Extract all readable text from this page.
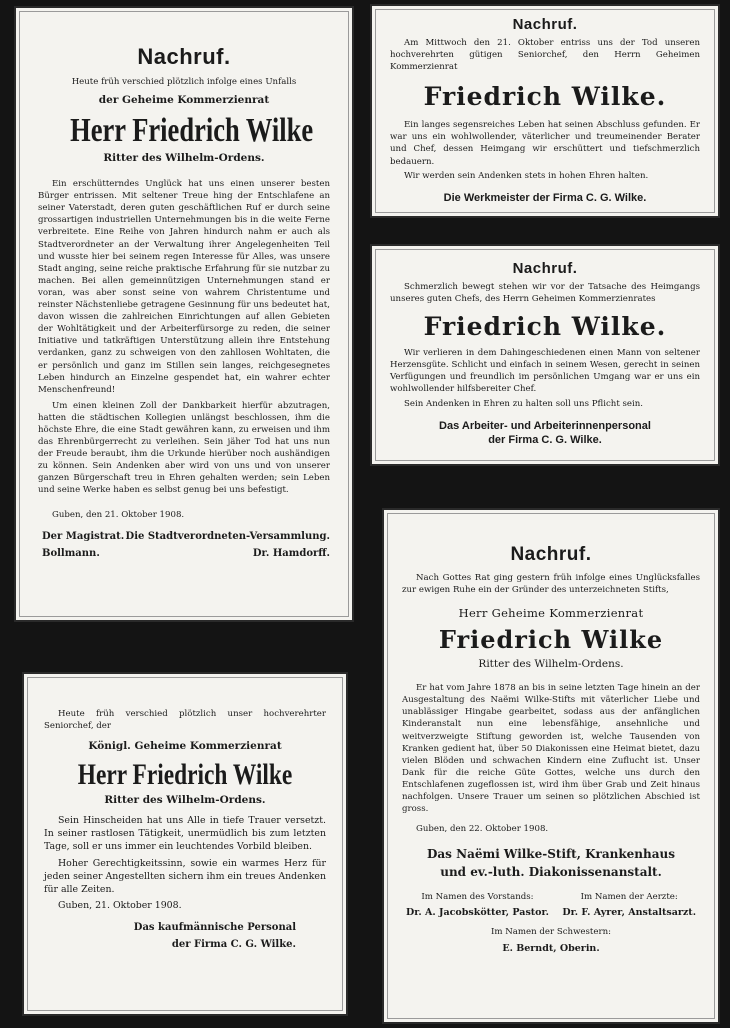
Nachruf.
Heute früh verschied plötzlich infolge eines Unfalls
der Geheime Kommerzienrat
Herr Friedrich Wilke
Ritter des Wilhelm-Ordens.

Ein erschütterndes Unglück hat uns einen unserer besten Bürger entrissen. Mit seltener Treue hing der Entschlafene an seiner Vaterstadt, deren guten geschäftlichen Ruf er durch seine grossartigen industriellen Unternehmungen bis in die weite Ferne verbreitete. Eine Reihe von Jahren hindurch nahm er auch als Stadtverordneter an der Verwaltung ihrer Angelegenheiten Teil und wusste hier bei seinem regen Interesse für Alles, was unsere Stadt anging, seine reiche praktische Erfahrung für sie nutzbar zu machen. Bei allen gemeinnützigen Unternehmungen stand er voran, was aber sonst seine von wahrem Christentume und reinster Nächstenliebe getragene Gesinnung für uns bedeutet hat, davon wissen die zahlreichen Einrichtungen auf allen Gebieten der Wohltätigkeit und der Arbeiterfürsorge zu reden, die seiner Initiative und tatkräftigen Unterstützung allein ihre Entstehung verdanken, ganz zu schweigen von den zahllosen Wohltaten, die er persönlich und ganz im Stillen sein langes, reichgesegnetes Leben hindurch an Einzelne gespendet hat, ein wahrer echter Menschenfreund!

Um einen kleinen Zoll der Dankbarkeit hierfür abzutragen, hatten die städtischen Kollegien unlängst beschlossen, ihm die höchste Ehre, die eine Stadt gewähren kann, zu erweisen und ihm das Ehrenbürgerrecht zu verleihen. Sein jäher Tod hat uns nun der Freude beraubt, ihm die Urkunde hierüber noch aushändigen zu können. Sein Andenken aber wird von uns und von unserer ganzen Bürgerschaft treu in Ehren gehalten werden; sein Leben und seine Werke haben es selbst genug bei uns befestigt.

Guben, den 21. Oktober 1908.
Der Magistrat.
Bollmann.
Die Stadtverordneten-Versammlung.
Dr. Hamdorff.
Nachruf.

Am Mittwoch den 21. Oktober entriss uns der Tod unseren hochverehrten gütigen Seniorchef, den Herrn Geheimen Kommerzienrat

Friedrich Wilke.

Ein langes segensreiches Leben hat seinen Abschluss gefunden. Er war uns ein wohlwollender, väterlicher und treumeinender Berater und Chef, dessen Heimgang wir erschüttert und tiefschmerzlich bedauern.

Wir werden sein Andenken stets in hohen Ehren halten.

Die Werkmeister der Firma C. G. Wilke.
Nachruf.

Schmerzlich bewegt stehen wir vor der Tatsache des Heimgangs unseres guten Chefs, des Herrn Geheimen Kommerzienrates

Friedrich Wilke.

Wir verlieren in dem Dahingeschiedenen einen Mann von seltener Herzensgüte. Schlicht und einfach in seinem Wesen, gerecht in seinen Verfügungen und freundlich im persönlichen Umgang war er uns ein wohlwollender hilfsbereiter Chef.

Sein Andenken in Ehren zu halten soll uns Pflicht sein.

Das Arbeiter- und Arbeiterinnenpersonal
der Firma C. G. Wilke.

Heute früh verschied plötzlich unser hochverehrter Seniorchef, der

Königl. Geheime Kommerzienrat
Herr Friedrich Wilke
Ritter des Wilhelm-Ordens.

Sein Hinscheiden hat uns Alle in tiefe Trauer versetzt. In seiner rastlosen Tätigkeit, unermüdlich bis zum letzten Tage, soll er uns immer ein leuchtendes Vorbild bleiben.

Hoher Gerechtigkeitssinn, sowie ein warmes Herz für jeden seiner Angestellten sichern ihm ein treues Andenken für alle Zeiten.

Guben, 21. Oktober 1908.
Das kaufmännische Personal
der Firma C. G. Wilke.
Nachruf.

Nach Gottes Rat ging gestern früh infolge eines Unglücksfalles zur ewigen Ruhe ein der Gründer des unterzeichneten Stifts,

Herr Geheime Kommerzienrat
Friedrich Wilke
Ritter des Wilhelm-Ordens.

Er hat vom Jahre 1878 an bis in seine letzten Tage hinein an der Ausgestaltung des Naëmi Wilke-Stifts mit väterlicher Liebe und unablässiger Hingabe gearbeitet, sodass aus der anfänglichen Kinderanstalt nun eine lebensfähige, ansehnliche und weitverzweigte Stiftung geworden ist, welche Tausenden von Kranken gedient hat, über 50 Diakonissen eine Heimat bietet, dazu vielen Blöden und schwachen Kindern eine Zuflucht ist. Unser Dank für die reiche Güte Gottes, welche uns durch den Entschlafenen zugeflossen ist, wird ihm über Grab und Zeit hinaus nachfolgen. Unsere Trauer um seinen so plötzlichen Abschied ist gross.

Guben, den 22. Oktober 1908.
Das Naëmi Wilke-Stift, Krankenhaus
und ev.-luth. Diakonissenanstalt.
Im Namen des Vorstands:
Dr. A. Jacobskötter, Pastor.
Im Namen der Aerzte:
Dr. F. Ayrer, Anstaltsarzt.
Im Namen der Schwestern:
E. Berndt, Oberin.
